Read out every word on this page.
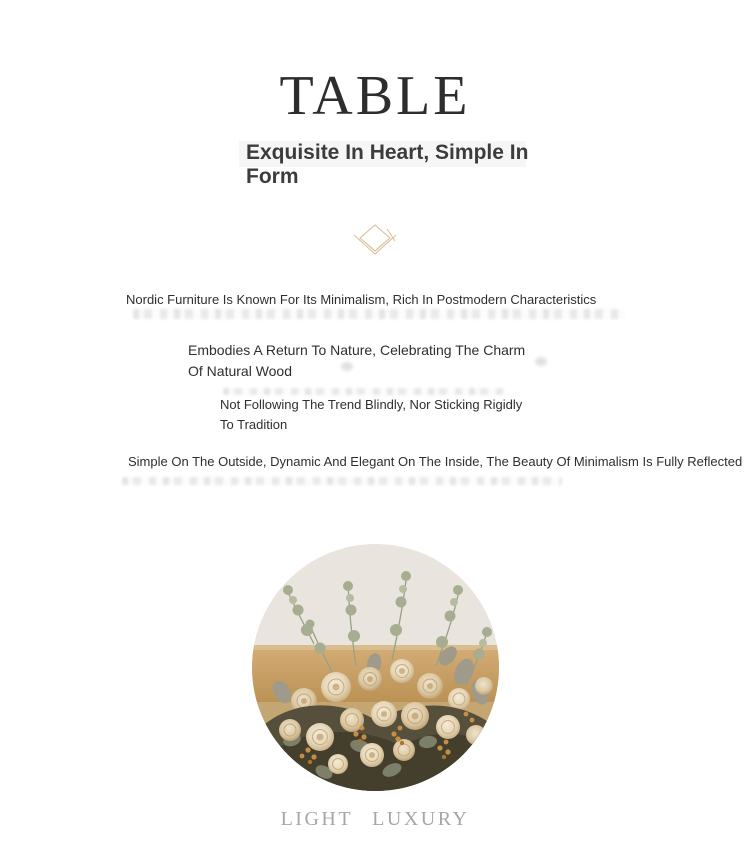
TABLE
Exquisite In Heart, Simple In Form
Nordic Furniture Is Known For Its Minimalism, Rich In Postmodern Characteristics
Embodies A Return To Nature, Celebrating The Charm Of Natural Wood
Not Following The Trend Blindly, Nor Sticking Rigidly To Tradition
Simple On The Outside, Dynamic And Elegant On The Inside, The Beauty Of Minimalism Is Fully Reflected
LIGHT LUXURY
